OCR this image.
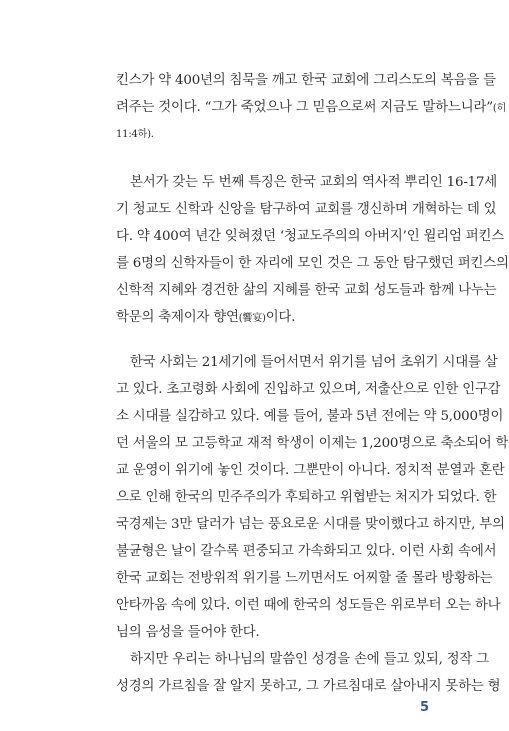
킨스가 약 400년의 침묵을 깨고 한국 교회에 그리스도의 복음을 들
려주는 것이다. “그가 죽었으나 그 믿음으로써 지금도 말하느니라”(히
11:4하).
본서가 갖는 두 번째 특징은 한국 교회의 역사적 뿌리인 16-17세
기 청교도 신학과 신앙을 탐구하여 교회를 갱신하며 개혁하는 데 있
다. 약 400여 년간 잊혀졌던 ‘청교도주의의 아버지’인 윌리엄 퍼킨스
를 6명의 신학자들이 한 자리에 모인 것은 그 동안 탐구했던 퍼킨스의
신학적 지혜와 경건한 삶의 지혜를 한국 교회 성도들과 함께 나누는
학문의 축제이자 향연(饗宴)이다.
한국 사회는 21세기에 들어서면서 위기를 넘어 초위기 시대를 살
고 있다. 초고령화 사회에 진입하고 있으며, 저출산으로 인한 인구감
소 시대를 실감하고 있다. 예를 들어, 불과 5년 전에는 약 5,000명이
던 서울의 모 고등학교 재적 학생이 이제는 1,200명으로 축소되어 학
교 운영이 위기에 놓인 것이다. 그뿐만이 아니다. 정치적 분열과 혼란
으로 인해 한국의 민주주의가 후퇴하고 위협받는 처지가 되었다. 한
국경제는 3만 달러가 넘는 풍요로운 시대를 맞이했다고 하지만, 부의
불균형은 날이 갈수록 편중되고 가속화되고 있다. 이런 사회 속에서
한국 교회는 전방위적 위기를 느끼면서도 어찌할 줄 몰라 방황하는
안타까움 속에 있다. 이런 때에 한국의 성도들은 위로부터 오는 하나
님의 음성을 들어야 한다.
하지만 우리는 하나님의 말씀인 성경을 손에 들고 있되, 정작 그
성경의 가르침을 잘 알지 못하고, 그 가르침대로 살아내지 못하는 형
5
